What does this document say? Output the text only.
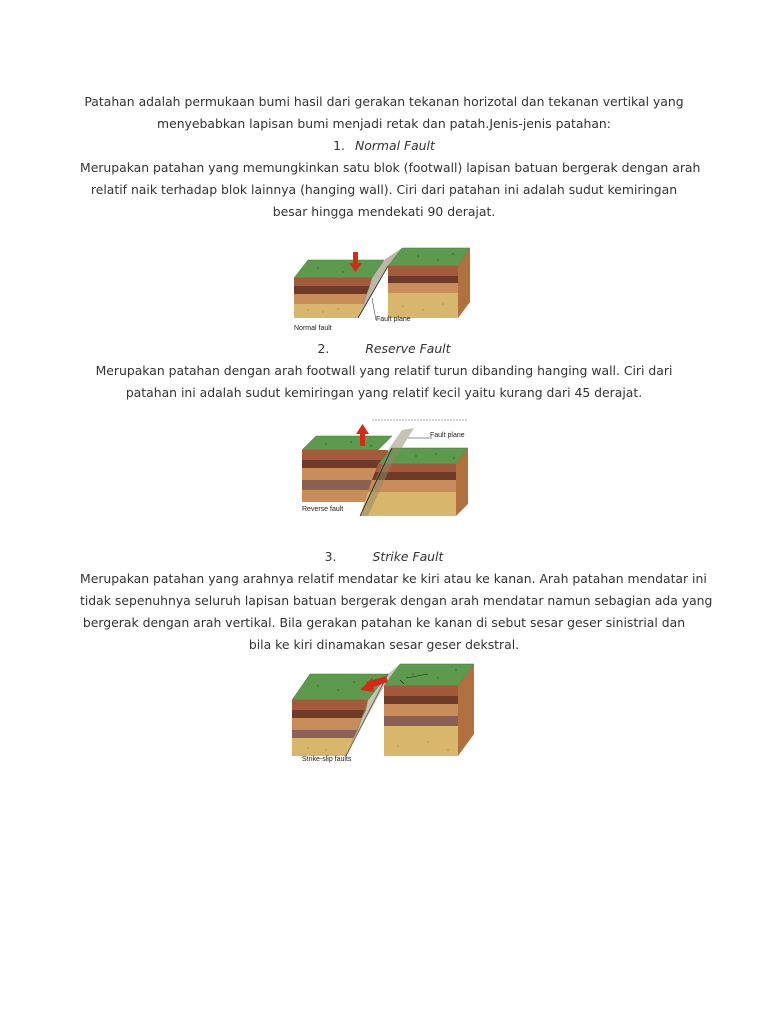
Patahan adalah permukaan bumi hasil dari gerakan tekanan horizotal dan tekanan vertikal yang
menyebabkan lapisan bumi menjadi retak dan patah.Jenis-jenis patahan:

1. Normal Fault

Merupakan patahan yang memungkinkan satu blok (footwall) lapisan batuan bergerak dengan arah
relatif naik terhadap blok lainnya (hanging wall). Ciri dari patahan ini adalah sudut kemiringan
besar hingga mendekati 90 derajat.

Normal fault
Fault plane

2.	Reserve Fault

Merupakan patahan dengan arah footwall yang relatif turun dibanding hanging wall. Ciri dari
patahan ini adalah sudut kemiringan yang relatif kecil yaitu kurang dari 45 derajat.

Reverse fault
Fault plane

3.	Strike Fault

Merupakan patahan yang arahnya relatif mendatar ke kiri atau ke kanan. Arah patahan mendatar ini
tidak sepenuhnya seluruh lapisan batuan bergerak dengan arah mendatar namun sebagian ada yang
bergerak dengan arah vertikal. Bila gerakan patahan ke kanan di sebut sesar geser sinistrial dan
bila ke kiri dinamakan sesar geser dekstral.

Strike-slip faults
